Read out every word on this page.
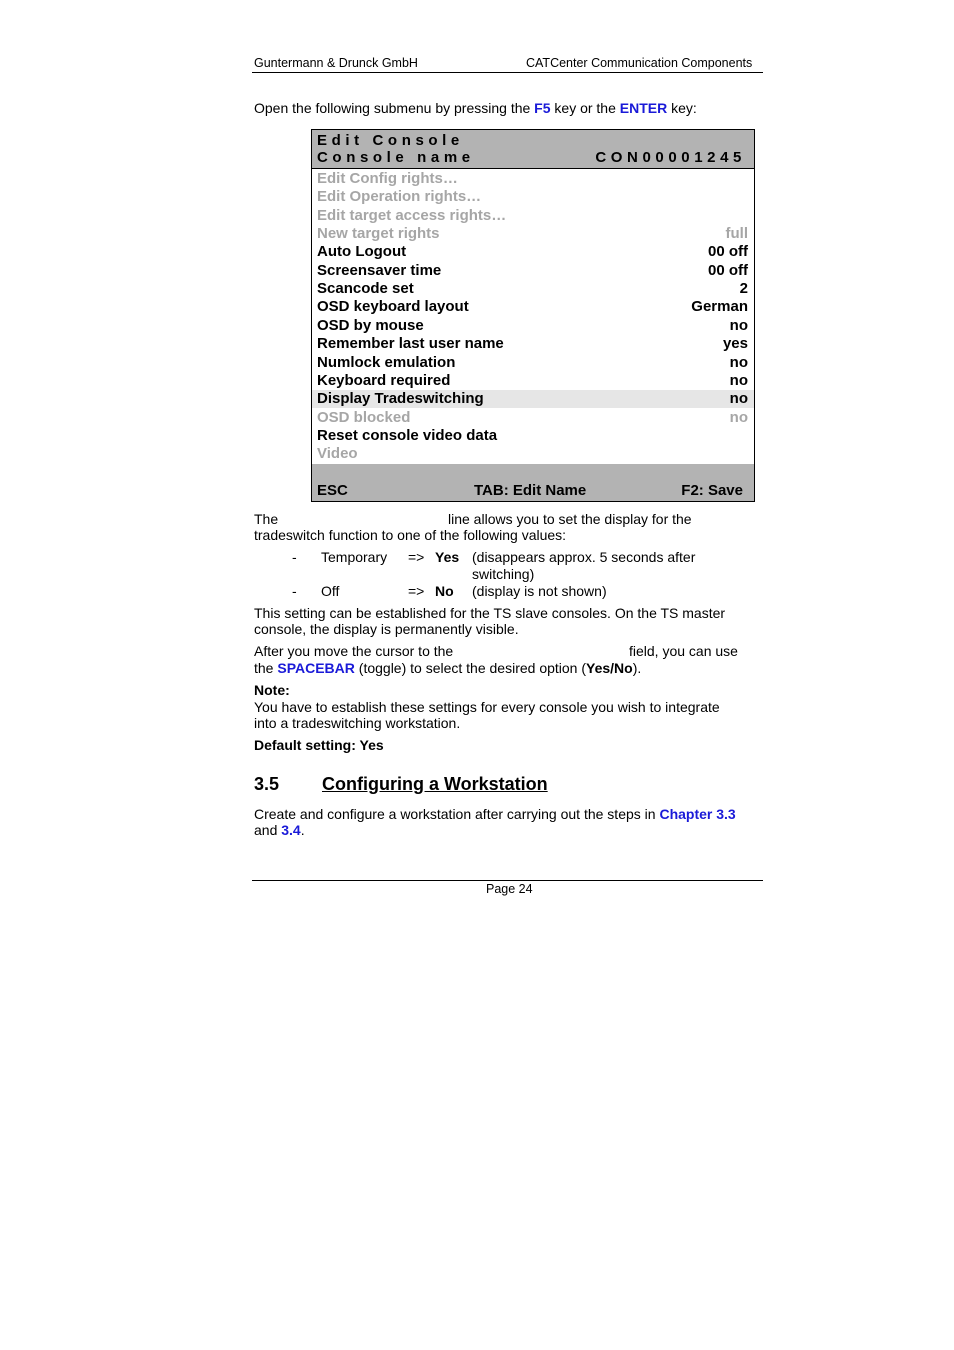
Guntermann & Drunck GmbH	CATCenter Communication Components
Open the following submenu by pressing the F5 key or the ENTER key:
Edit Console
Console name	CON00001245
Edit Config rights…
Edit Operation rights…
Edit target access rights…
New target rights	full
Auto Logout	00 off
Screensaver time	00 off
Scancode set	2
OSD keyboard layout	German
OSD by mouse	no
Remember last user name	yes
Numlock emulation	no
Keyboard required	no
Display Tradeswitching	no
OSD blocked	no
Reset console video data
Video
ESC	TAB: Edit Name	F2: Save
The	line allows you to set the display for the
tradeswitch function to one of the following values:
- Temporary => Yes (disappears approx. 5 seconds after
switching)
- Off	=> No (display is not shown)
This setting can be established for the TS slave consoles. On the TS master
console, the display is permanently visible.
After you move the cursor to the	field, you can use
the SPACEBAR (toggle) to select the desired option (Yes/No).
Note:
You have to establish these settings for every console you wish to integrate
into a tradeswitching workstation.
Default setting: Yes
3.5 Configuring a Workstation
Create and configure a workstation after carrying out the steps in Chapter 3.3
and 3.4.
Page 24
